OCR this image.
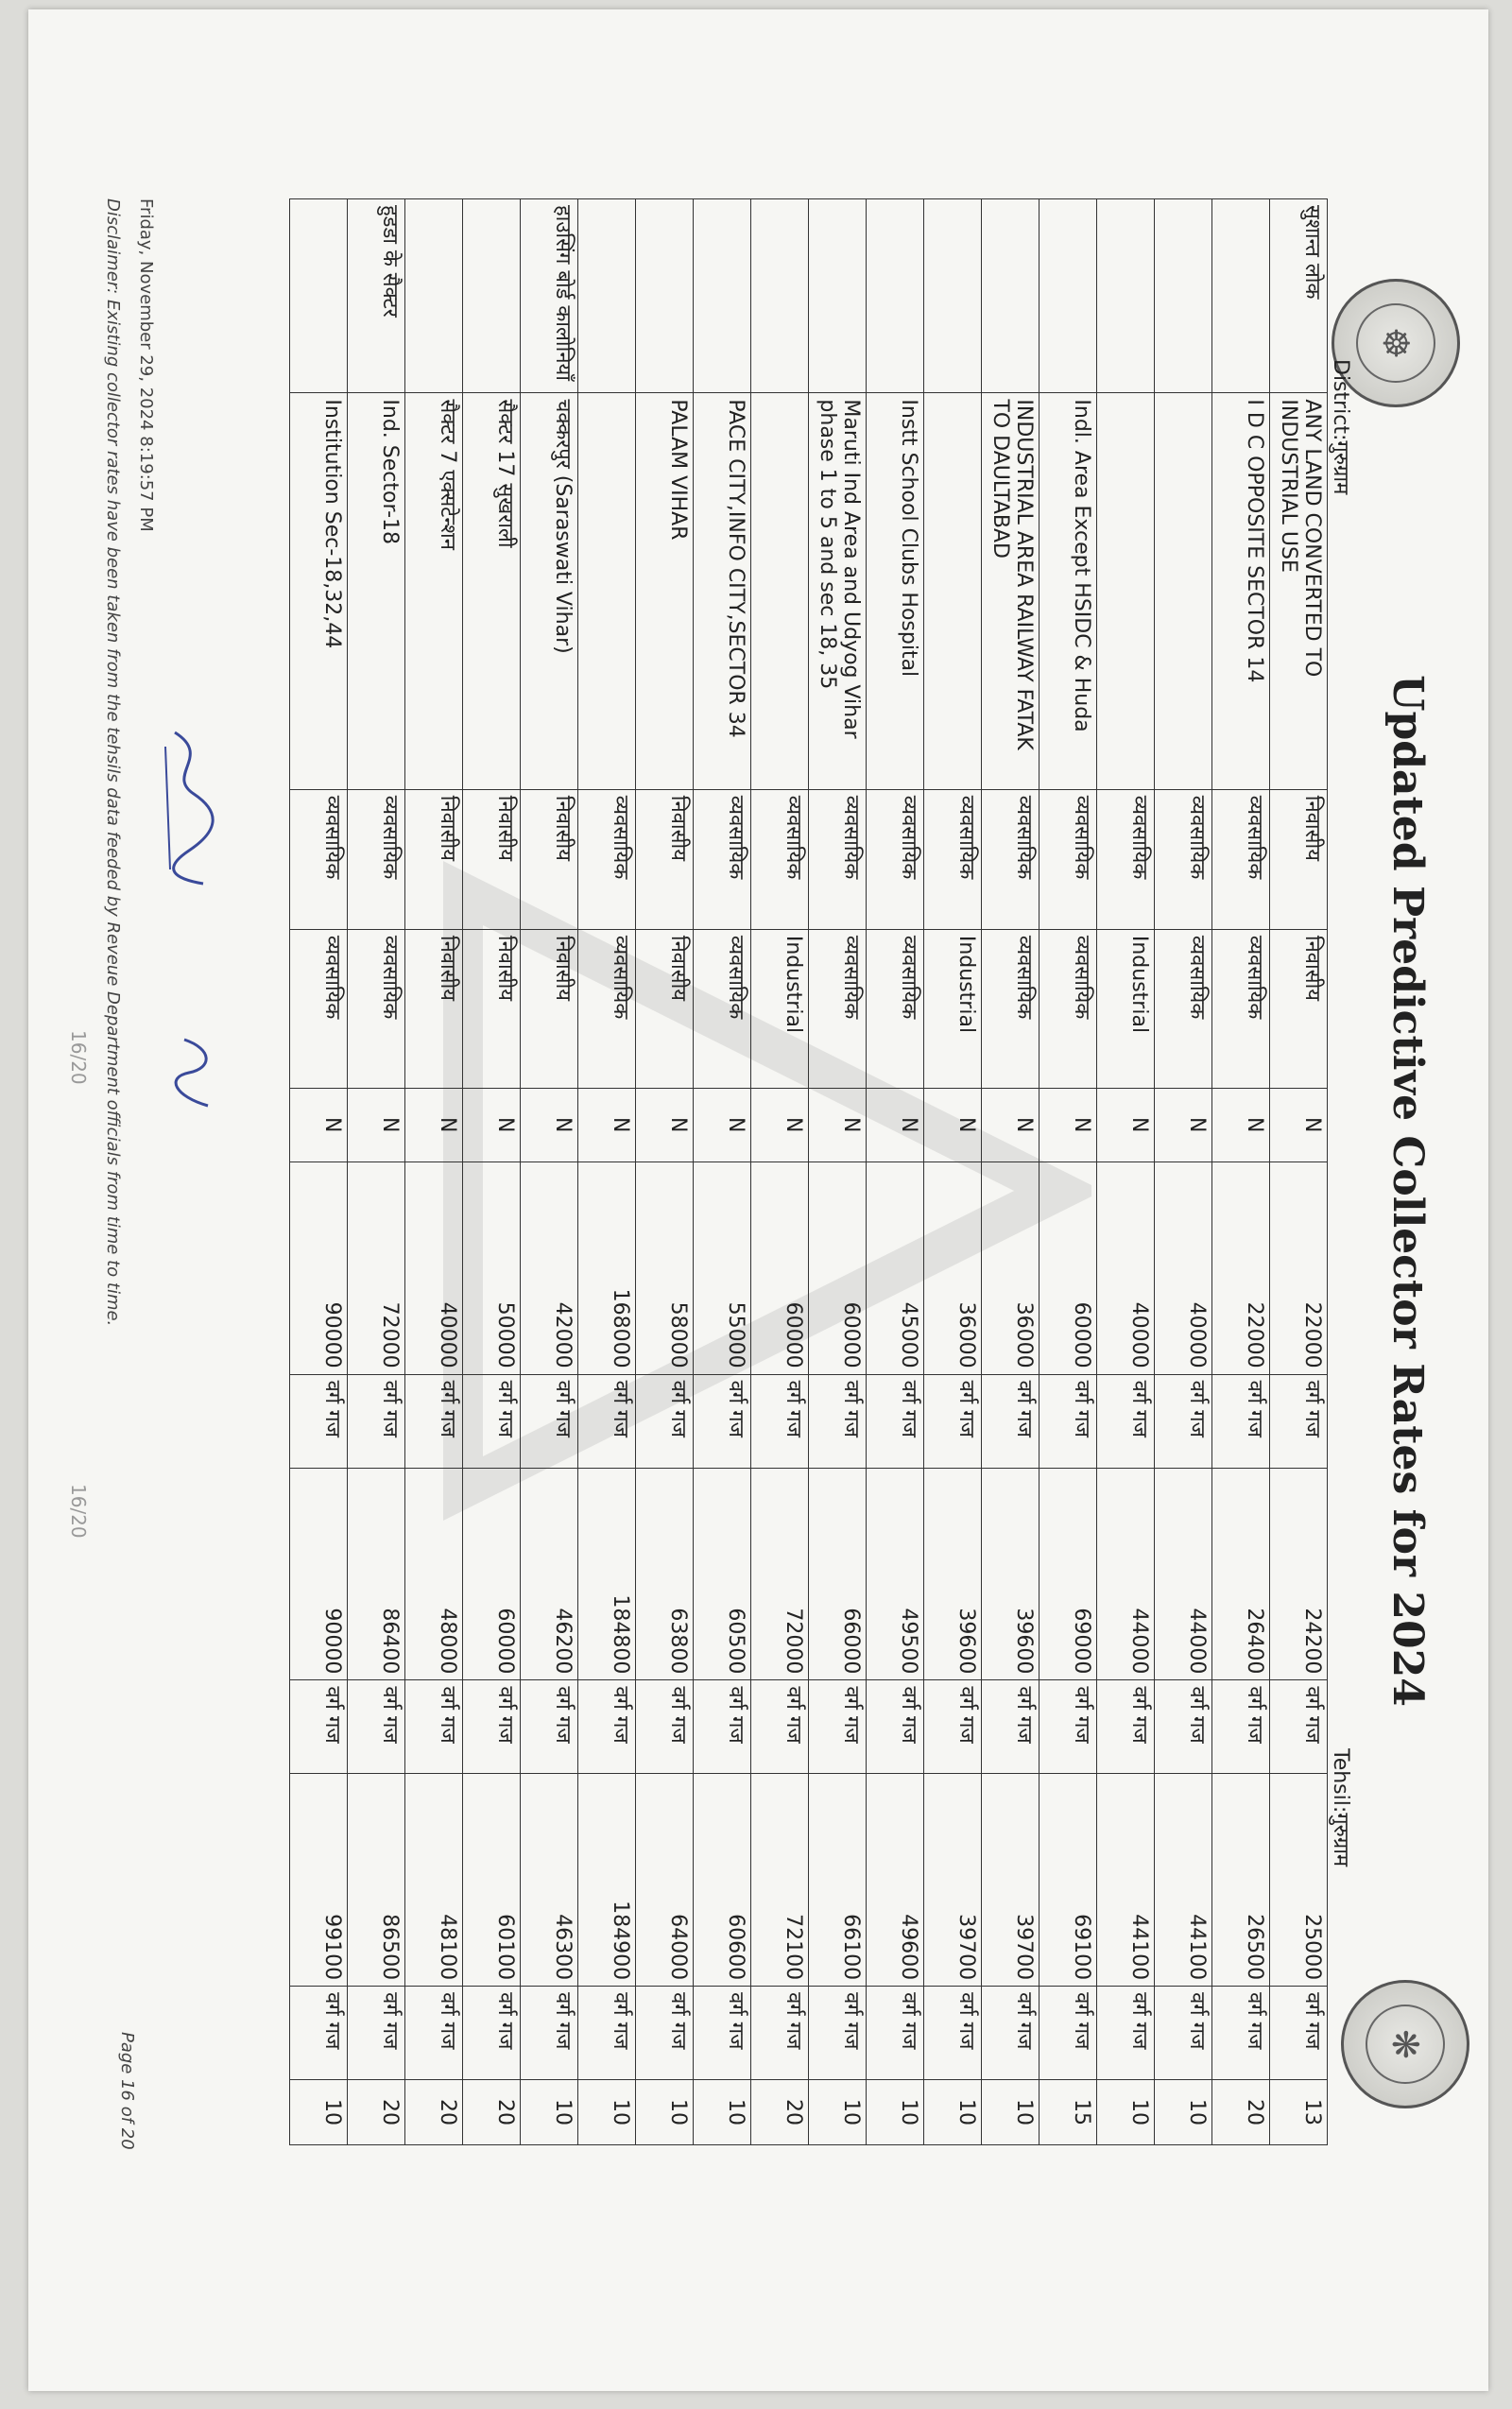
☸
❋
Updated Predictive Collector Rates for 2024
District:गुरुग्राम
Tehsil:गुरुग्राम
सुशान्त लोक	ANY LAND CONVERTED TO INDUSTRIAL USE	निवासीय	निवासीय	N	22000	वर्ग गज	24200	वर्ग गज	25000	वर्ग गज	13
	I D C OPPOSITE SECTOR 14	व्यवसायिक	व्यवसायिक	N	22000	वर्ग गज	26400	वर्ग गज	26500	वर्ग गज	20
		व्यवसायिक	व्यवसायिक	N	40000	वर्ग गज	44000	वर्ग गज	44100	वर्ग गज	10
		व्यवसायिक	Industrial	N	40000	वर्ग गज	44000	वर्ग गज	44100	वर्ग गज	10
	Indl. Area Except HSIDC & Huda	व्यवसायिक	व्यवसायिक	N	60000	वर्ग गज	69000	वर्ग गज	69100	वर्ग गज	15
	INDUSTRIAL AREA RAILWAY FATAK TO DAULTABAD	व्यवसायिक	व्यवसायिक	N	36000	वर्ग गज	39600	वर्ग गज	39700	वर्ग गज	10
		व्यवसायिक	Industrial	N	36000	वर्ग गज	39600	वर्ग गज	39700	वर्ग गज	10
	Instt School Clubs Hospital	व्यवसायिक	व्यवसायिक	N	45000	वर्ग गज	49500	वर्ग गज	49600	वर्ग गज	10
	Maruti Ind Area and Udyog Vihar phase 1 to 5 and sec 18, 35	व्यवसायिक	व्यवसायिक	N	60000	वर्ग गज	66000	वर्ग गज	66100	वर्ग गज	10
		व्यवसायिक	Industrial	N	60000	वर्ग गज	72000	वर्ग गज	72100	वर्ग गज	20
	PACE CITY,INFO CITY,SECTOR 34	व्यवसायिक	व्यवसायिक	N	55000	वर्ग गज	60500	वर्ग गज	60600	वर्ग गज	10
	PALAM VIHAR	निवासीय	निवासीय	N	58000	वर्ग गज	63800	वर्ग गज	64000	वर्ग गज	10
		व्यवसायिक	व्यवसायिक	N	168000	वर्ग गज	184800	वर्ग गज	184900	वर्ग गज	10
हाउसिंग बोर्ड कालोनियाँ	चक्करपुर (Saraswati Vihar)	निवासीय	निवासीय	N	42000	वर्ग गज	46200	वर्ग गज	46300	वर्ग गज	10
	सैक्टर 17 सुखराली	निवासीय	निवासीय	N	50000	वर्ग गज	60000	वर्ग गज	60100	वर्ग गज	20
	सैक्टर 7 एक्सटेन्शन	निवासीय	निवासीय	N	40000	वर्ग गज	48000	वर्ग गज	48100	वर्ग गज	20
हुडडा के सैक्टर	Ind. Sector-18	व्यवसायिक	व्यवसायिक	N	72000	वर्ग गज	86400	वर्ग गज	86500	वर्ग गज	20
	Institution Sec-18,32,44	व्यवसायिक	व्यवसायिक	N	90000	वर्ग गज	90000	वर्ग गज	99100	वर्ग गज	10
Friday, November 29, 2024 8:19:57 PM
Disclaimer: Existing collector rates have been taken from the tehsils data feeded by Reveue Department officials from time to time.
Page 16 of 20
16/20
16/20
